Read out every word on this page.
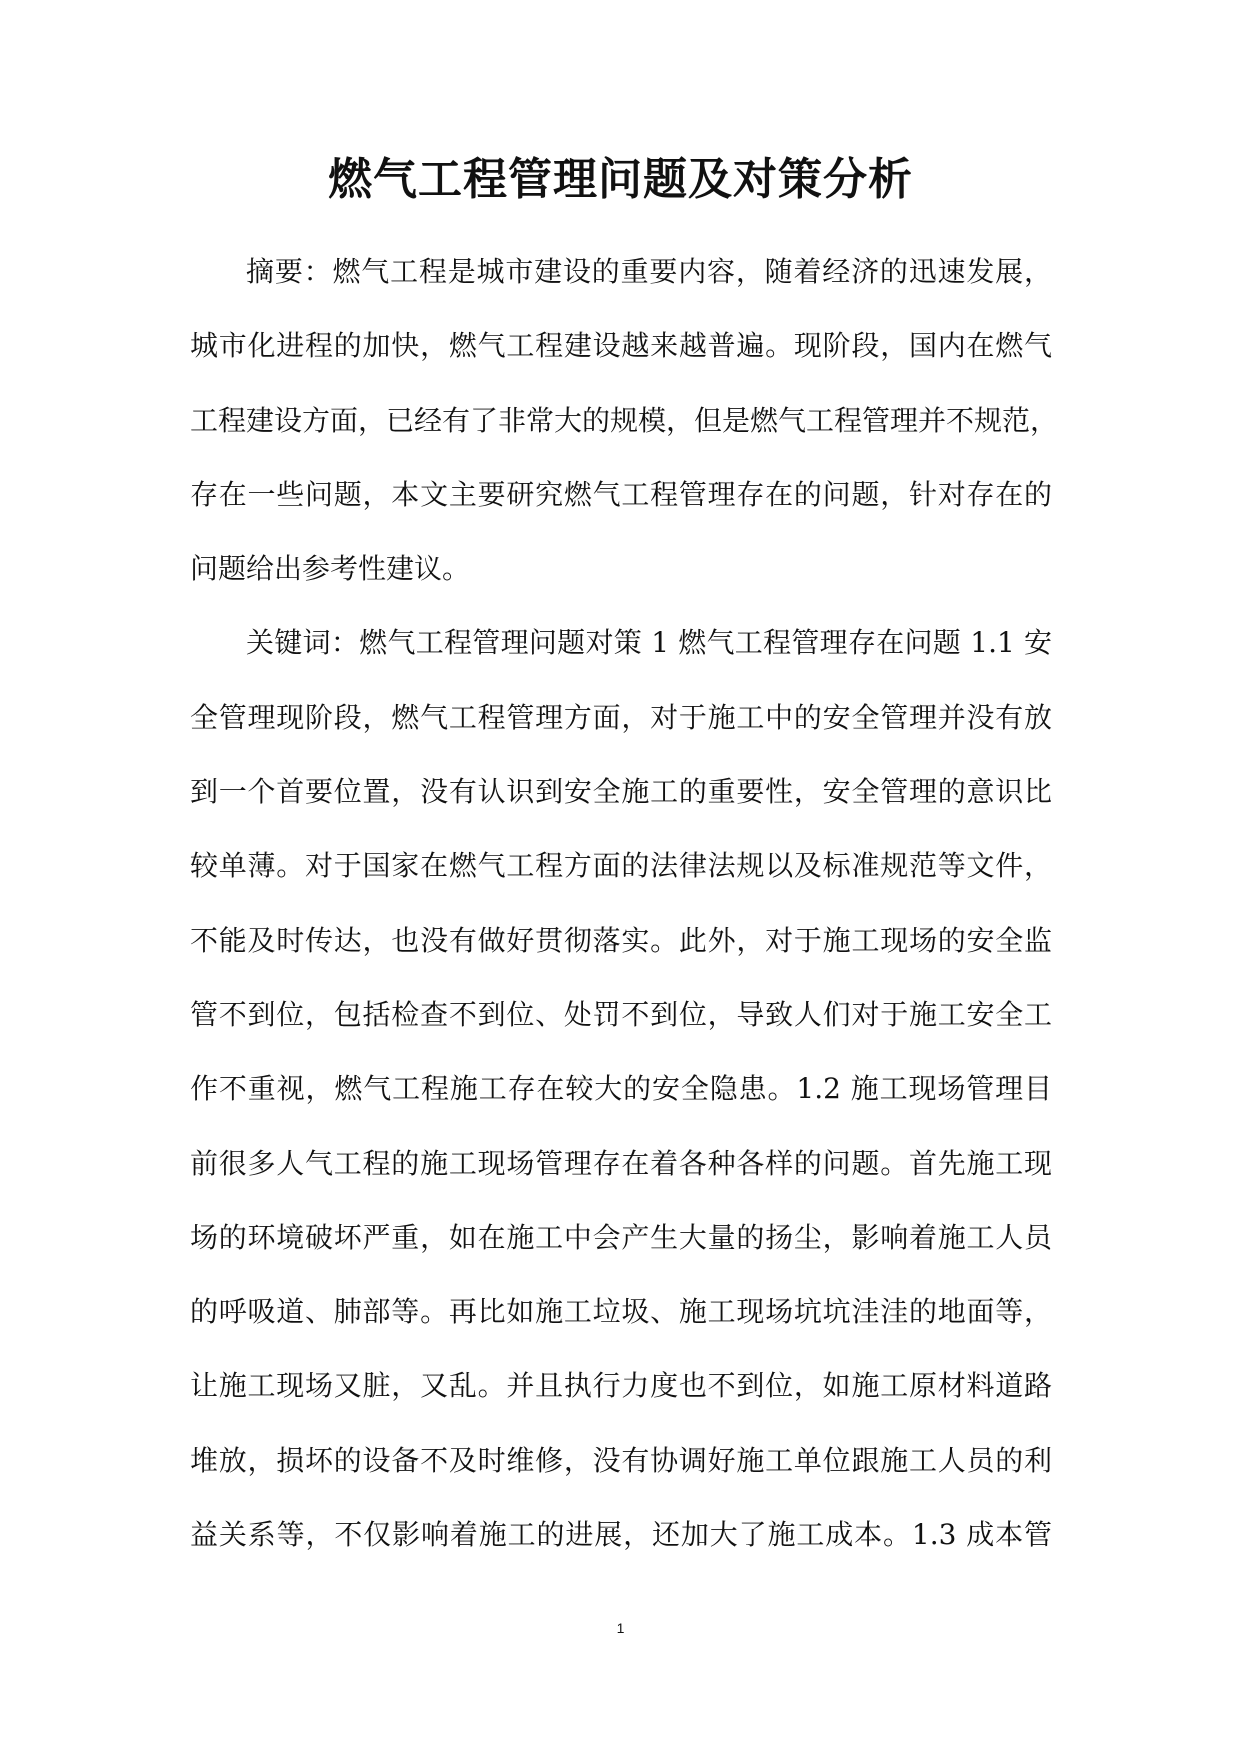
燃气工程管理问题及对策分析
摘要：燃气工程是城市建设的重要内容，随着经济的迅速发展，
城市化进程的加快，燃气工程建设越来越普遍。现阶段，国内在燃气
工程建设方面，已经有了非常大的规模，但是燃气工程管理并不规范，
存在一些问题，本文主要研究燃气工程管理存在的问题，针对存在的
问题给出参考性建议。
关键词：燃气工程管理问题对策 1 燃气工程管理存在问题 1.1 安
全管理现阶段，燃气工程管理方面，对于施工中的安全管理并没有放
到一个首要位置，没有认识到安全施工的重要性，安全管理的意识比
较单薄。对于国家在燃气工程方面的法律法规以及标准规范等文件，
不能及时传达，也没有做好贯彻落实。此外，对于施工现场的安全监
管不到位，包括检查不到位、处罚不到位，导致人们对于施工安全工
作不重视，燃气工程施工存在较大的安全隐患。1.2 施工现场管理目
前很多人气工程的施工现场管理存在着各种各样的问题。首先施工现
场的环境破坏严重，如在施工中会产生大量的扬尘，影响着施工人员
的呼吸道、肺部等。再比如施工垃圾、施工现场坑坑洼洼的地面等，
让施工现场又脏，又乱。并且执行力度也不到位，如施工原材料道路
堆放，损坏的设备不及时维修，没有协调好施工单位跟施工人员的利
益关系等，不仅影响着施工的进展，还加大了施工成本。1.3 成本管
1
